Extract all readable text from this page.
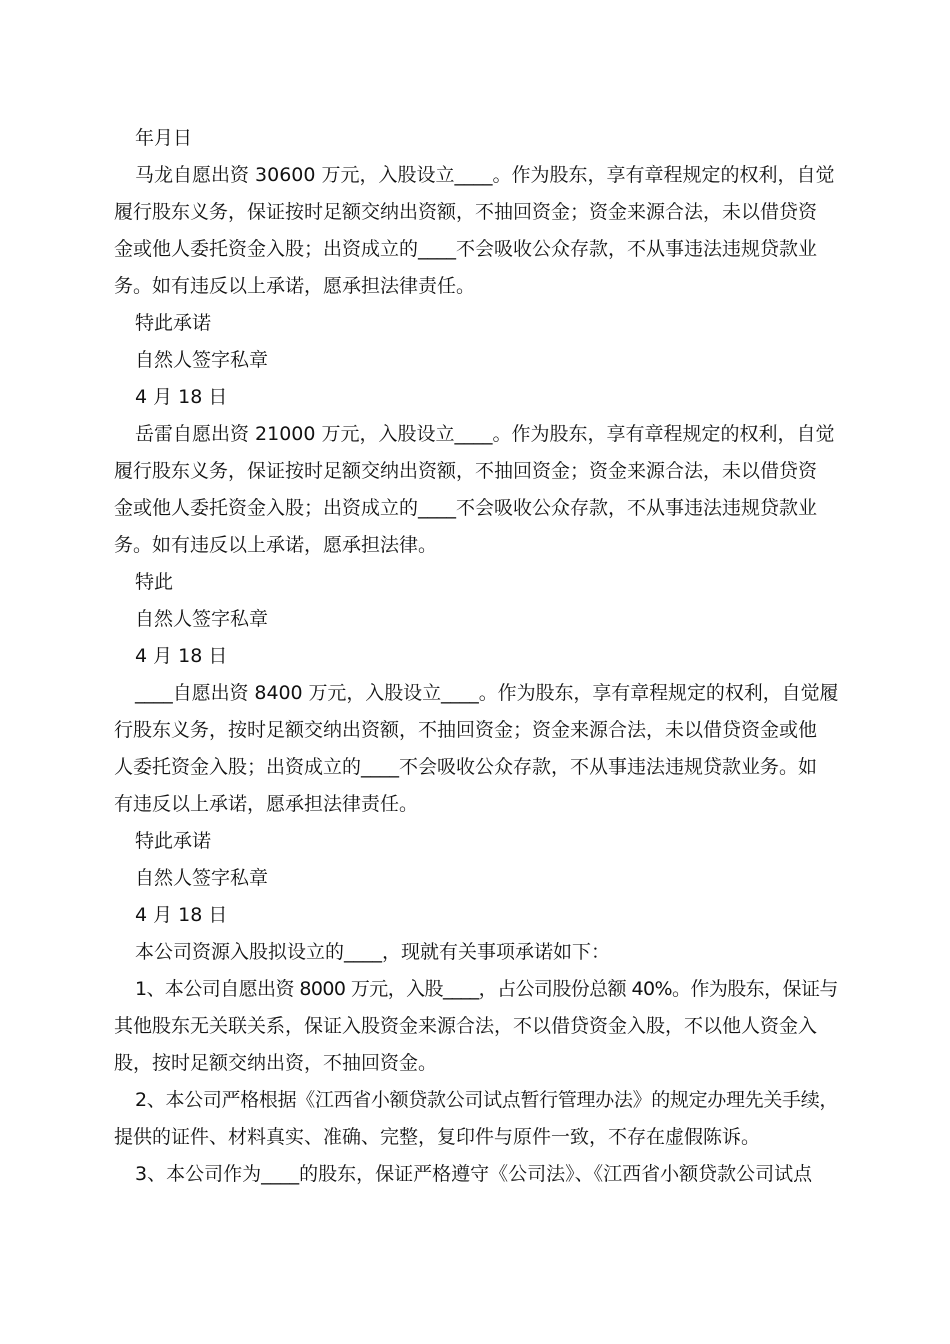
年月日

马龙自愿出资 30600 万元，入股设立____。作为股东，享有章程规定的权利，自觉

履行股东义务，保证按时足额交纳出资额，不抽回资金；资金来源合法，未以借贷资

金或他人委托资金入股；出资成立的____不会吸收公众存款，不从事违法违规贷款业

务。如有违反以上承诺，愿承担法律责任。

特此承诺

自然人签字私章

4 月 18 日

岳雷自愿出资 21000 万元，入股设立____。作为股东，享有章程规定的权利，自觉

履行股东义务，保证按时足额交纳出资额，不抽回资金；资金来源合法，未以借贷资

金或他人委托资金入股；出资成立的____不会吸收公众存款，不从事违法违规贷款业

务。如有违反以上承诺，愿承担法律。

特此

自然人签字私章

4 月 18 日

____自愿出资 8400 万元，入股设立____。作为股东，享有章程规定的权利，自觉履

行股东义务，按时足额交纳出资额，不抽回资金；资金来源合法，未以借贷资金或他

人委托资金入股；出资成立的____不会吸收公众存款，不从事违法违规贷款业务。如

有违反以上承诺，愿承担法律责任。

特此承诺

自然人签字私章

4 月 18 日

本公司资源入股拟设立的____，现就有关事项承诺如下：

1、本公司自愿出资 8000 万元，入股____，占公司股份总额 40%。作为股东，保证与

其他股东无关联关系，保证入股资金来源合法，不以借贷资金入股，不以他人资金入

股，按时足额交纳出资，不抽回资金。

2、本公司严格根据《江西省小额贷款公司试点暂行管理办法》的规定办理先关手续，

提供的证件、材料真实、准确、完整，复印件与原件一致，不存在虚假陈诉。

3、本公司作为____的股东，保证严格遵守《公司法》、《江西省小额贷款公司试点
